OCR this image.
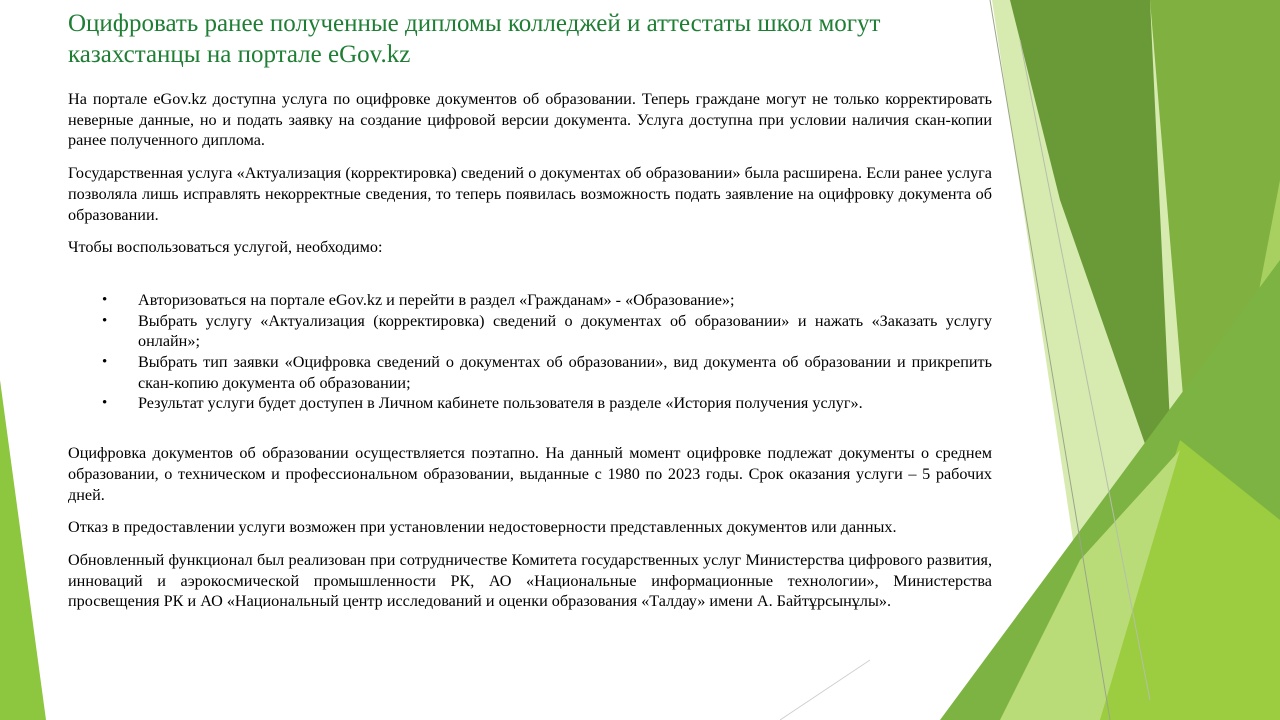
Оцифровать ранее полученные дипломы колледжей и аттестаты школ могут казахстанцы на портале eGov.kz

На портале eGov.kz доступна услуга по оцифровке документов об образовании. Теперь граждане могут не только корректировать неверные данные, но и подать заявку на создание цифровой версии документа. Услуга доступна при условии наличия скан-копии ранее полученного диплома.

Государственная услуга «Актуализация (корректировка) сведений о документах об образовании» была расширена. Если ранее услуга позволяла лишь исправлять некорректные сведения, то теперь появилась возможность подать заявление на оцифровку документа об образовании.

Чтобы воспользоваться услугой, необходимо:

• Авторизоваться на портале eGov.kz и перейти в раздел «Гражданам» - «Образование»;
• Выбрать услугу «Актуализация (корректировка) сведений о документах об образовании» и нажать «Заказать услугу онлайн»;
• Выбрать тип заявки «Оцифровка сведений о документах об образовании», вид документа об образовании и прикрепить скан-копию документа об образовании;
• Результат услуги будет доступен в Личном кабинете пользователя в разделе «История получения услуг».

Оцифровка документов об образовании осуществляется поэтапно. На данный момент оцифровке подлежат документы о среднем образовании, о техническом и профессиональном образовании, выданные с 1980 по 2023 годы. Срок оказания услуги – 5 рабочих дней.

Отказ в предоставлении услуги возможен при установлении недостоверности представленных документов или данных.

Обновленный функционал был реализован при сотрудничестве Комитета государственных услуг Министерства цифрового развития, инноваций и аэрокосмической промышленности РК, АО «Национальные информационные технологии», Министерства просвещения РК и АО «Национальный центр исследований и оценки образования «Талдау» имени А. Байтұрсынұлы».
